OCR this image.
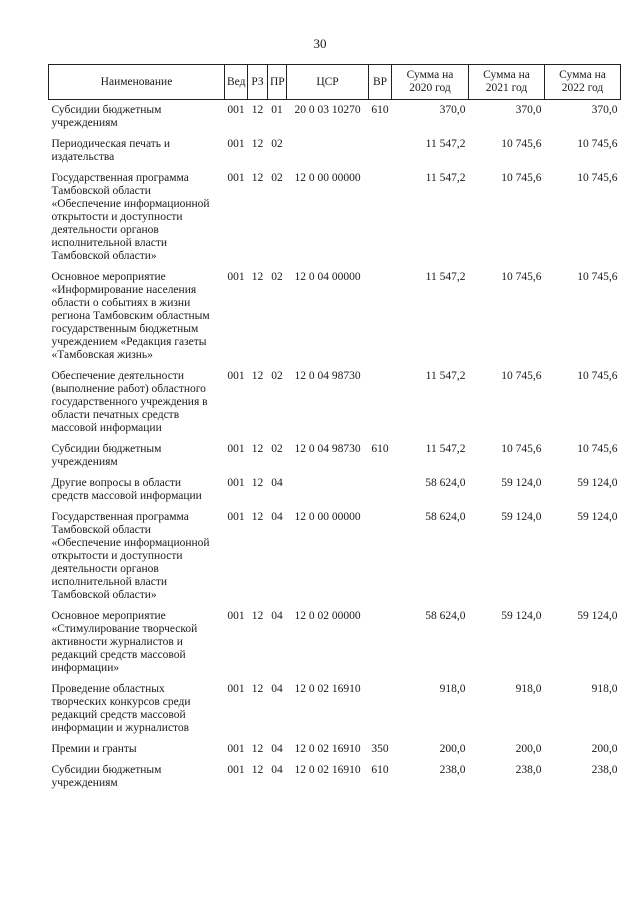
30
Наименование	Вед	РЗ	ПР	ЦСР	ВР	Сумма на 2020 год	Сумма на 2021 год	Сумма на 2022 год
Субсидии бюджетным учреждениям	001	12	01	20 0 03 10270	610	370,0	370,0	370,0
Периодическая печать и издательства	001	12	02			11 547,2	10 745,6	10 745,6
Государственная программа Тамбовской области «Обеспечение информационной открытости и доступности деятельности органов исполнительной власти Тамбовской области»	001	12	02	12 0 00 00000		11 547,2	10 745,6	10 745,6
Основное мероприятие «Информирование населения области о событиях в жизни региона Тамбовским областным государственным бюджетным учреждением «Редакция газеты «Тамбовская жизнь»	001	12	02	12 0 04 00000		11 547,2	10 745,6	10 745,6
Обеспечение деятельности (выполнение работ) областного государственного учреждения в области печатных средств массовой информации	001	12	02	12 0 04 98730		11 547,2	10 745,6	10 745,6
Субсидии бюджетным учреждениям	001	12	02	12 0 04 98730	610	11 547,2	10 745,6	10 745,6
Другие вопросы в области средств массовой информации	001	12	04			58 624,0	59 124,0	59 124,0
Государственная программа Тамбовской области «Обеспечение информационной открытости и доступности деятельности органов исполнительной власти Тамбовской области»	001	12	04	12 0 00 00000		58 624,0	59 124,0	59 124,0
Основное мероприятие «Стимулирование творческой активности журналистов и редакций средств массовой информации»	001	12	04	12 0 02 00000		58 624,0	59 124,0	59 124,0
Проведение областных творческих конкурсов среди редакций средств массовой информации и журналистов	001	12	04	12 0 02 16910		918,0	918,0	918,0
Премии и гранты	001	12	04	12 0 02 16910	350	200,0	200,0	200,0
Субсидии бюджетным учреждениям	001	12	04	12 0 02 16910	610	238,0	238,0	238,0
